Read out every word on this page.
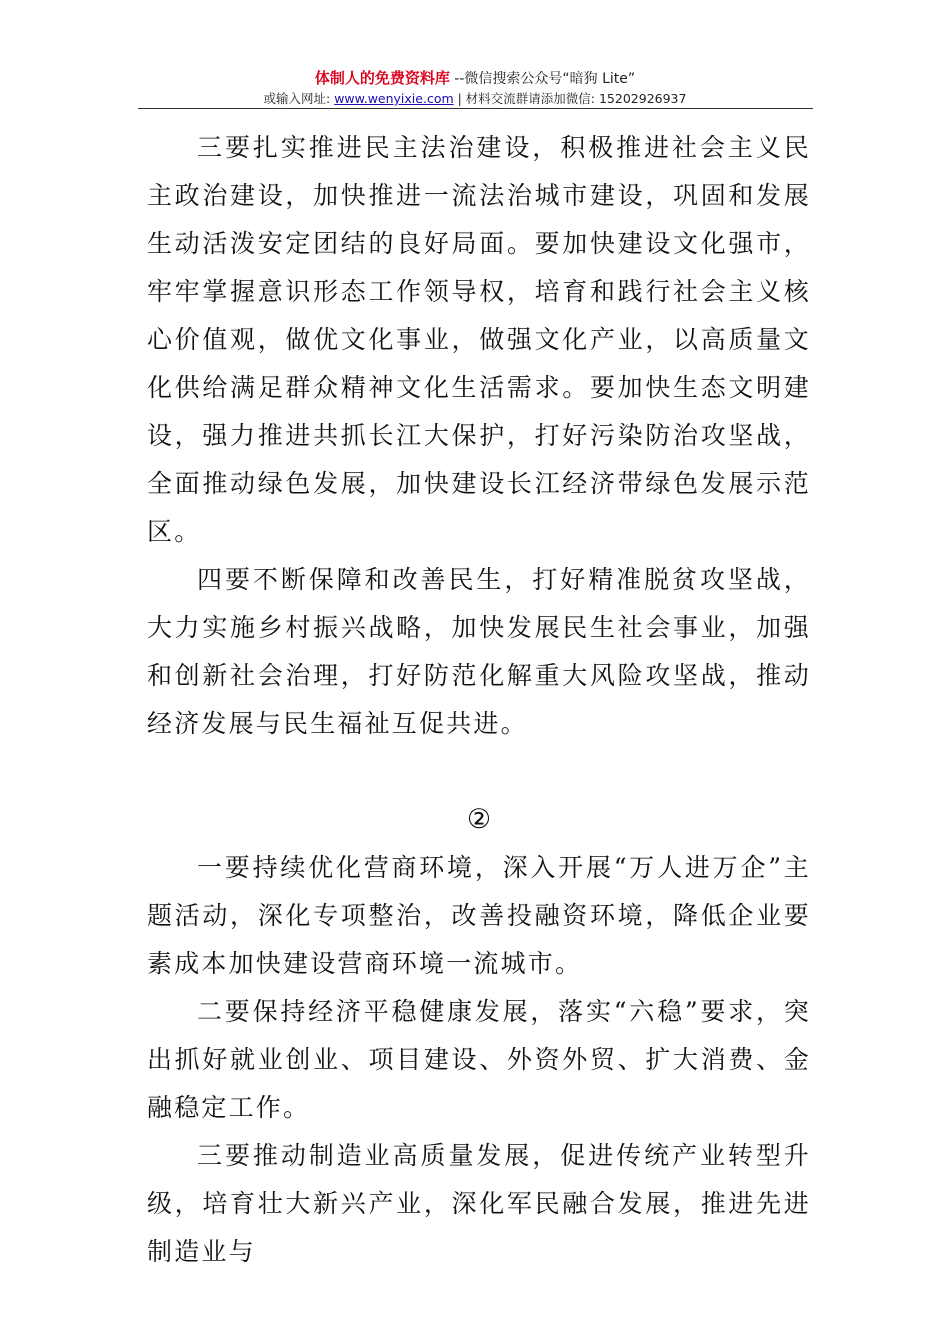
体制人的免费资料库 --微信搜索公众号“暗狗 Lite”
或输入网址: www.wenyixie.com | 材料交流群请添加微信: 15202926937

三要扎实推进民主法治建设，积极推进社会主义民主政治建设，加快推进一流法治城市建设，巩固和发展生动活泼安定团结的良好局面。要加快建设文化强市，牢牢掌握意识形态工作领导权，培育和践行社会主义核心价值观，做优文化事业，做强文化产业，以高质量文化供给满足群众精神文化生活需求。要加快生态文明建设，强力推进共抓长江大保护，打好污染防治攻坚战，全面推动绿色发展，加快建设长江经济带绿色发展示范区。

四要不断保障和改善民生，打好精准脱贫攻坚战，大力实施乡村振兴战略，加快发展民生社会事业，加强和创新社会治理，打好防范化解重大风险攻坚战，推动经济发展与民生福祉互促共进。

②

一要持续优化营商环境，深入开展“万人进万企”主题活动，深化专项整治，改善投融资环境，降低企业要素成本加快建设营商环境一流城市。

二要保持经济平稳健康发展，落实“六稳”要求，突出抓好就业创业、项目建设、外资外贸、扩大消费、金融稳定工作。

三要推动制造业高质量发展，促进传统产业转型升级，培育壮大新兴产业，深化军民融合发展，推进先进制造业与
